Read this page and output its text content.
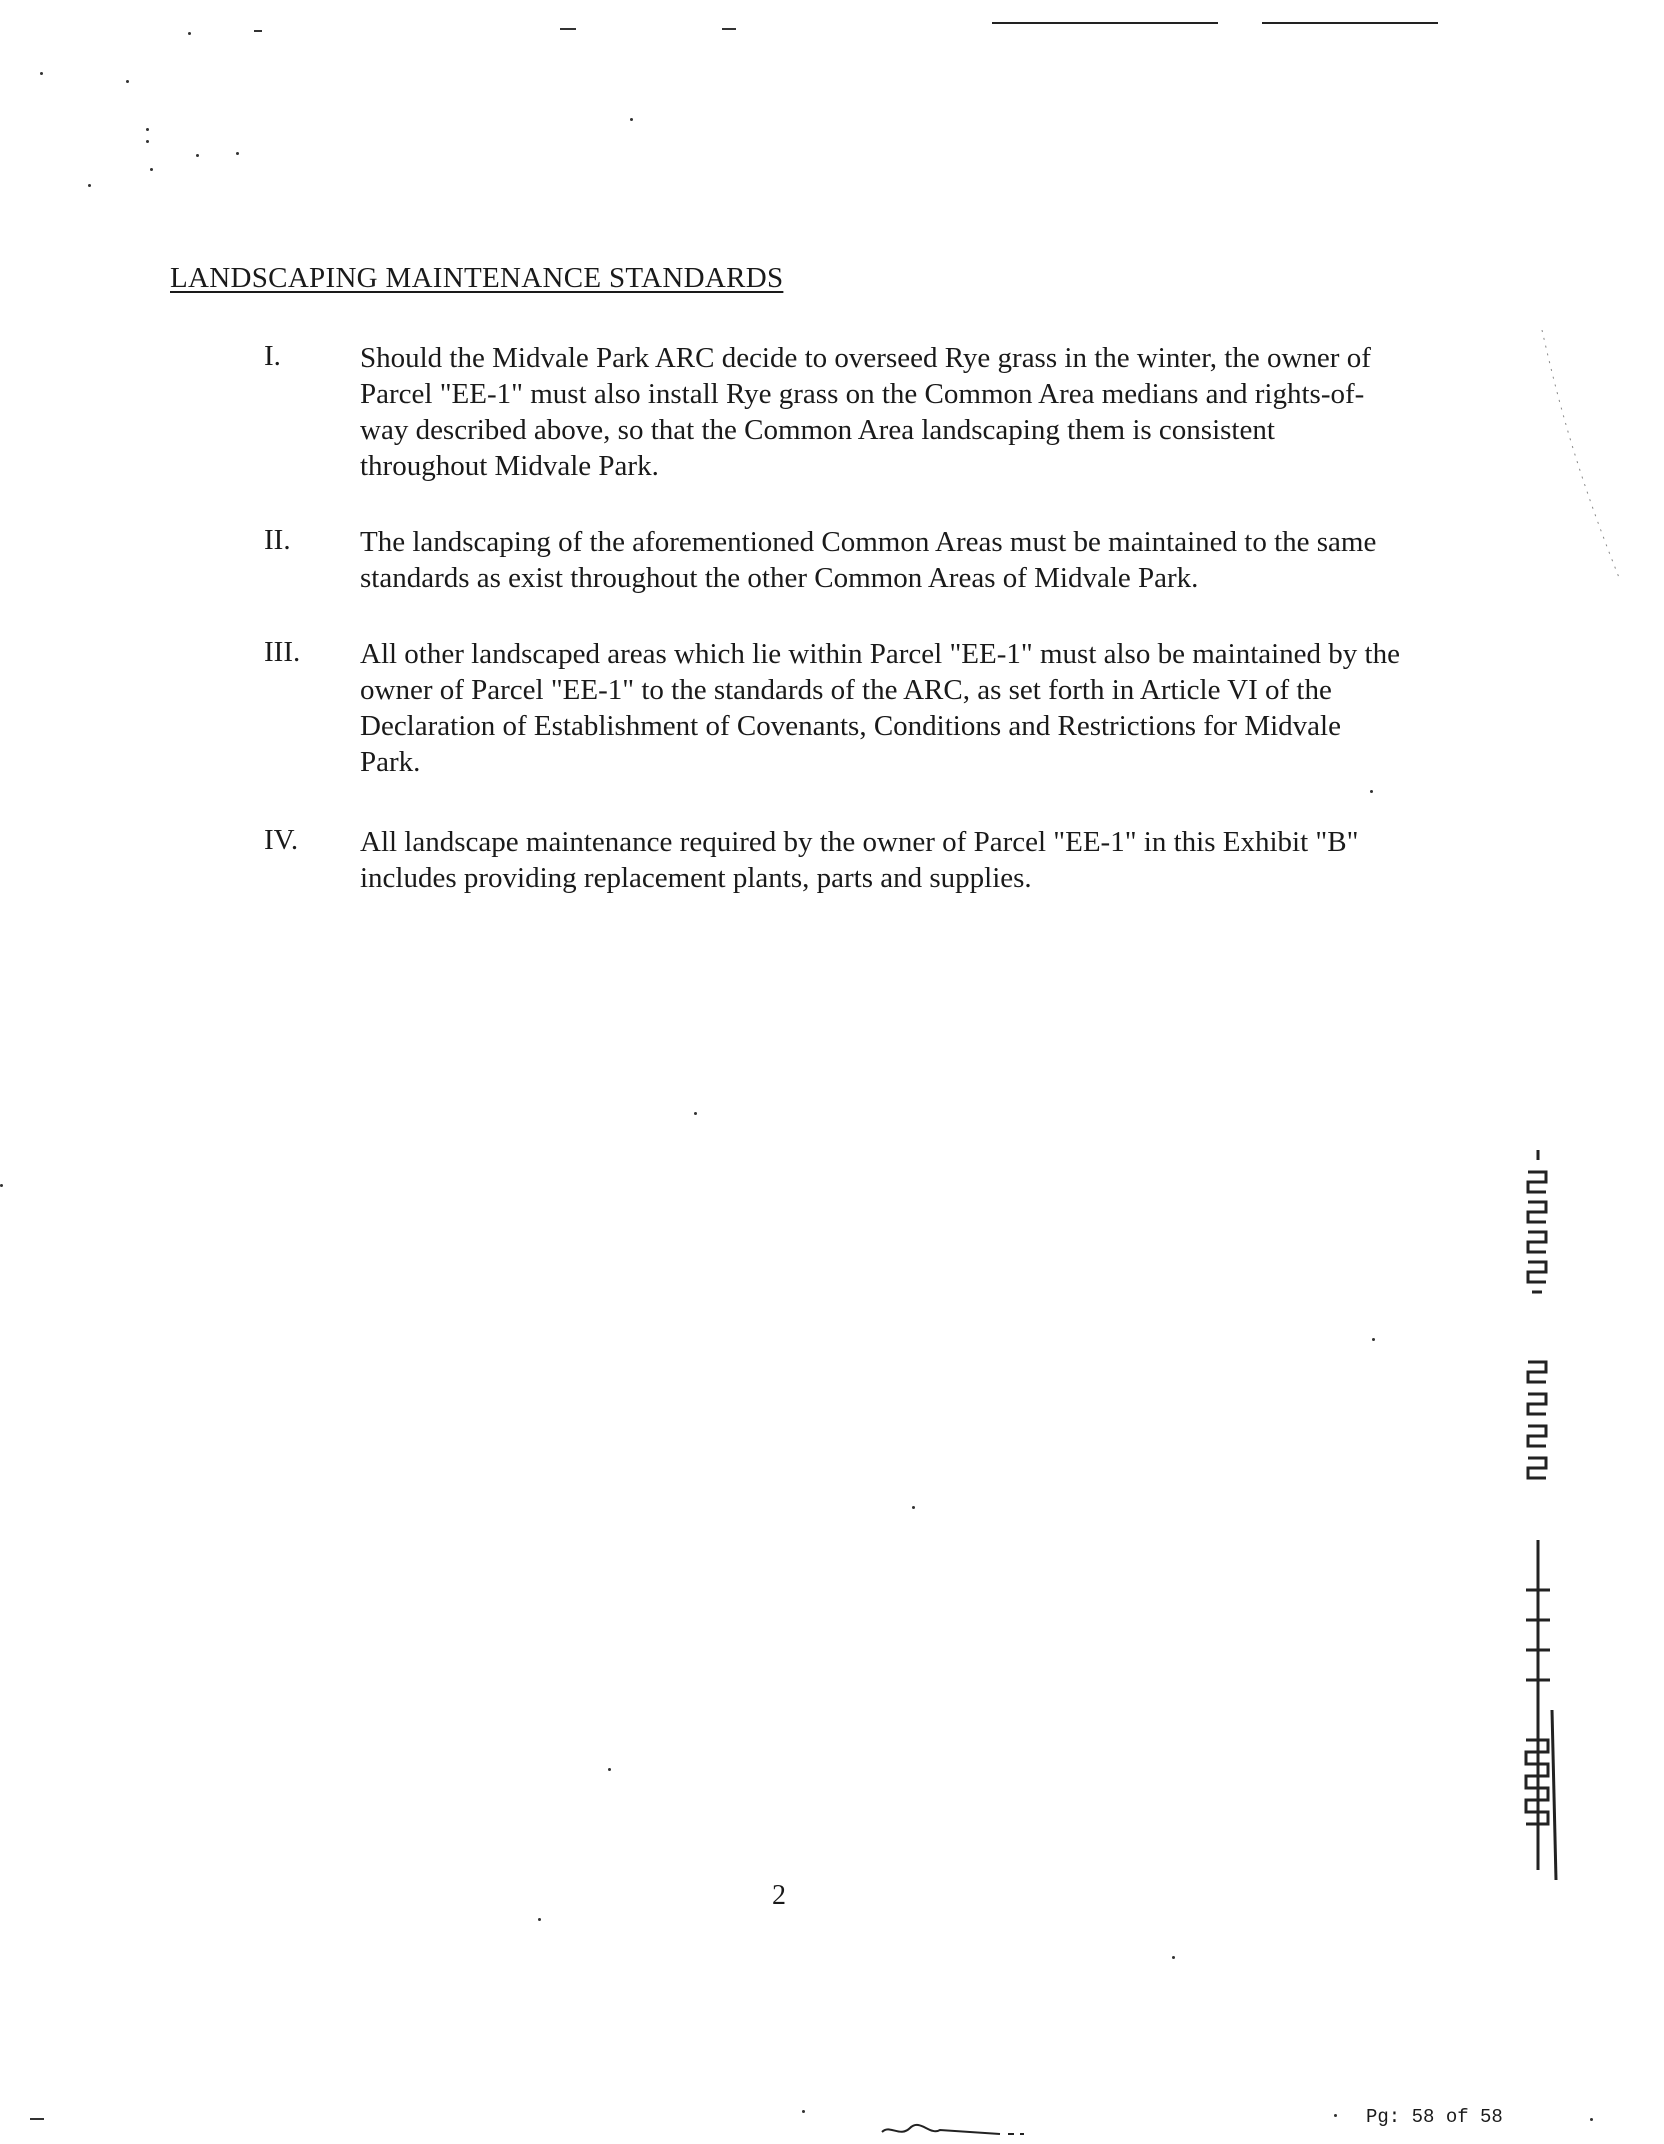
LANDSCAPING MAINTENANCE STANDARDS
I.	Should the Midvale Park ARC decide to overseed Rye grass in the winter, the owner of Parcel "EE-1" must also install Rye grass on the Common Area medians and rights-of-way described above, so that the Common Area landscaping them is consistent throughout Midvale Park.
II. The landscaping of the aforementioned Common Areas must be maintained to the same standards as exist throughout the other Common Areas of Midvale Park.
III. All other landscaped areas which lie within Parcel "EE-1" must also be maintained by the owner of Parcel "EE-1" to the standards of the ARC, as set forth in Article VI of the Declaration of Establishment of Covenants, Conditions and Restrictions for Midvale Park.
IV. All landscape maintenance required by the owner of Parcel "EE-1" in this Exhibit "B" includes providing replacement plants, parts and supplies.
2
Pg: 58 of 58
